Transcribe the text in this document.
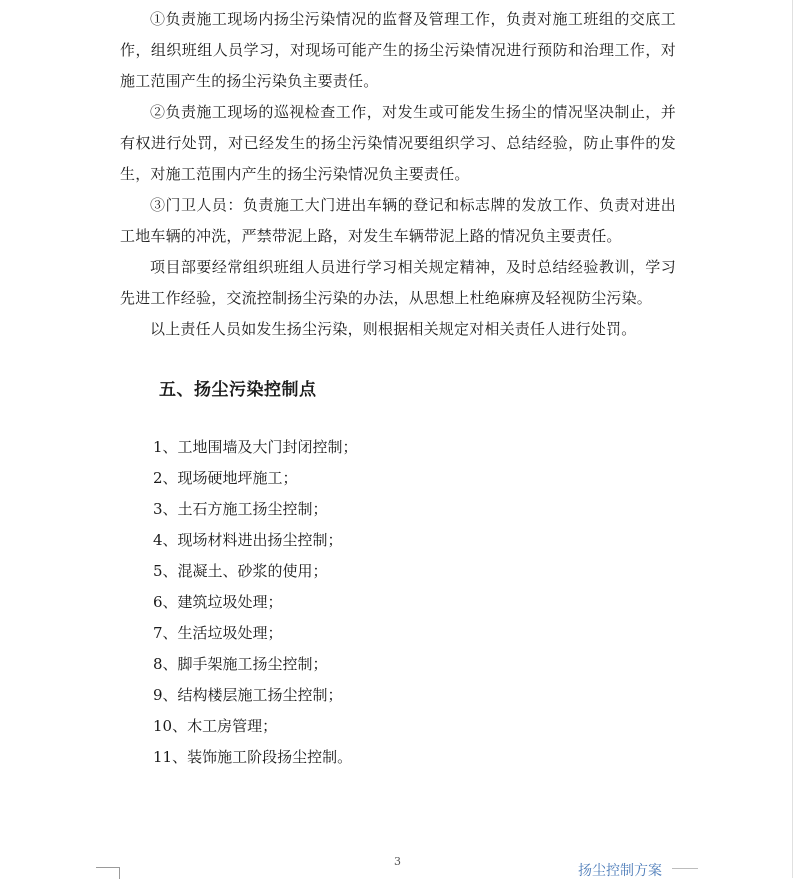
①负责施工现场内扬尘污染情况的监督及管理工作，负责对施工班组的交底工作，组织班组人员学习，对现场可能产生的扬尘污染情况进行预防和治理工作，对施工范围产生的扬尘污染负主要责任。

②负责施工现场的巡视检查工作，对发生或可能发生扬尘的情况坚决制止，并有权进行处罚，对已经发生的扬尘污染情况要组织学习、总结经验，防止事件的发生，对施工范围内产生的扬尘污染情况负主要责任。

③门卫人员：负责施工大门进出车辆的登记和标志牌的发放工作、负责对进出工地车辆的冲洗，严禁带泥上路，对发生车辆带泥上路的情况负主要责任。

项目部要经常组织班组人员进行学习相关规定精神，及时总结经验教训，学习先进工作经验，交流控制扬尘污染的办法，从思想上杜绝麻痹及轻视防尘污染。

以上责任人员如发生扬尘污染，则根据相关规定对相关责任人进行处罚。

五、扬尘污染控制点
1、工地围墙及大门封闭控制；
2、现场硬地坪施工；
3、土石方施工扬尘控制；
4、现场材料进出扬尘控制；
5、混凝土、砂浆的使用；
6、建筑垃圾处理；
7、生活垃圾处理；
8、脚手架施工扬尘控制；
9、结构楼层施工扬尘控制；
10、木工房管理；
11、装饰施工阶段扬尘控制。
3
扬尘控制方案
